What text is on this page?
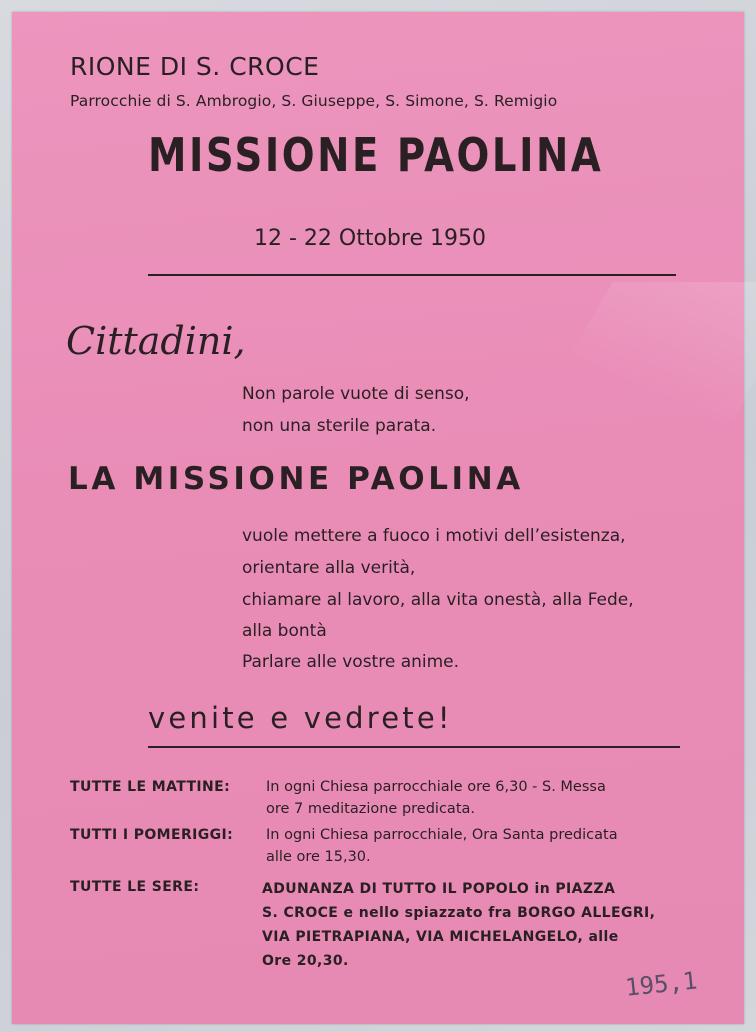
RIONE DI S. CROCE
Parrocchie di S. Ambrogio, S. Giuseppe, S. Simone, S. Remigio
MISSIONE PAOLINA
12 - 22 Ottobre 1950
Cittadini,
Non parole vuote di senso,
non una sterile parata.
LA MISSIONE PAOLINA
vuole mettere a fuoco i motivi dell’esistenza,
orientare alla verità,
chiamare al lavoro, alla vita onestà, alla Fede,
alla bontà
Parlare alle vostre anime.
venite e vedrete!
TUTTE LE MATTINE: In ogni Chiesa parrocchiale ore 6,30 - S. Messa
ore 7 meditazione predicata.
TUTTI I POMERIGGI: In ogni Chiesa parrocchiale, Ora Santa predicata
alle ore 15,30.
TUTTE LE SERE:	ADUNANZA DI TUTTO IL POPOLO in PIAZZA
S. CROCE e nello spiazzato fra BORGO ALLEGRI,
VIA PIETRAPIANA, VIA MICHELANGELO, alle
Ore 20,30.
195,1
